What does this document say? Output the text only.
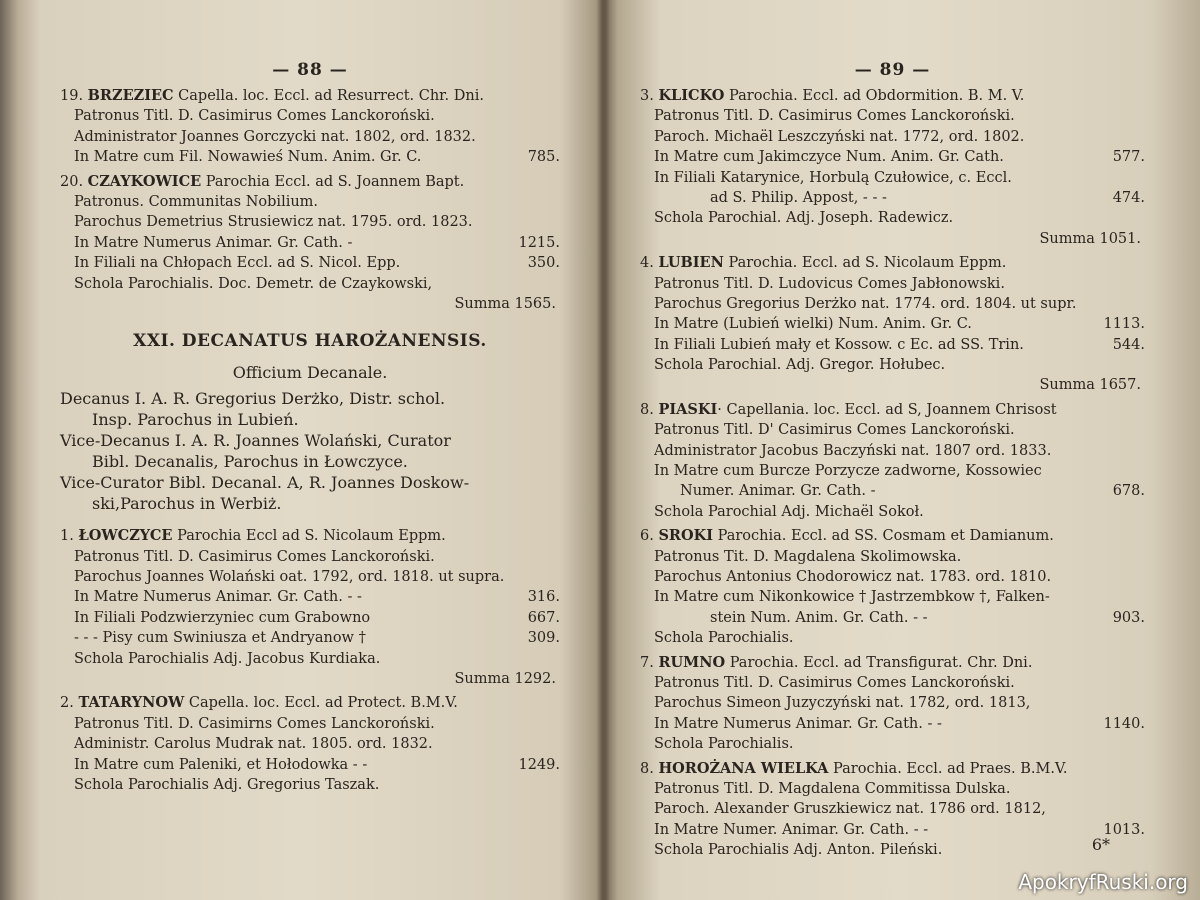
— 88 —
19. BRZEZIEC Capella. loc. Eccl. ad Resurrect. Chr. Dni.
Patronus Titl. D. Casimirus Comes Lanckoroński.
Administrator Joannes Gorczycki nat. 1802, ord. 1832.
In Matre cum Fil. Nowawieś Num. Anim. Gr. C.	785.
20. CZAYKOWICE Parochia Eccl. ad S. Joannem Bapt.
Patronus. Communitas Nobilium.
Parochus Demetrius Strusiewicz nat. 1795. ord. 1823.
In Matre Numerus Animar. Gr. Cath. -	1215.
In Filiali na Chłopach Eccl. ad S. Nicol. Epp.	350.
Schola Parochialis. Doc. Demetr. de Czaykowski,
Summa 1565.
XXI. DECANATUS HAROŻANENSIS.
Officium Decanale.
Decanus I. A. R. Gregorius Derżko, Distr. schol.
Insp. Parochus in Lubień.
Vice-Decanus I. A. R. Joannes Wolański, Curator
Bibl. Decanalis, Parochus in Łowczyce.
Vice-Curator Bibl. Decanal. A, R. Joannes Doskow-
ski,Parochus in Werbiż.
1. ŁOWCZYCE Parochia Eccl ad S. Nicolaum Eppm.
Patronus Titl. D. Casimirus Comes Lanckoroński.
Parochus Joannes Wolański oat. 1792, ord. 1818. ut supra.
In Matre Numerus Animar. Gr. Cath. - -	316.
In Filiali Podzwierzyniec cum Grabowno	667.
- - - Pisy cum Swiniusza et Andryanow †	309.
Schola Parochialis Adj. Jacobus Kurdiaka.
Summa 1292.
2. TATARYNOW Capella. loc. Eccl. ad Protect. B.M.V.
Patronus Titl. D. Casimirns Comes Lanckoroński.
Administr. Carolus Mudrak nat. 1805. ord. 1832.
In Matre cum Paleniki, et Hołodowka - -	1249.
Schola Parochialis Adj. Gregorius Taszak.
— 89 —
3. KLICKO Parochia. Eccl. ad Obdormition. B. M. V.
Patronus Titl. D. Casimirus Comes Lanckoroński.
Paroch. Michaël Leszczyński nat. 1772, ord. 1802.
In Matre cum Jakimczyce Num. Anim. Gr. Cath.	577.
In Filiali Katarynice, Horbulą Czułowice, c. Eccl.
ad S. Philip. Appost, - - -	474.
Schola Parochial. Adj. Joseph. Radewicz.
Summa 1051.
4. LUBIEN Parochia. Eccl. ad S. Nicolaum Eppm.
Patronus Titl. D. Ludovicus Comes Jabłonowski.
Parochus Gregorius Derżko nat. 1774. ord. 1804. ut supr.
In Matre (Lubień wielki) Num. Anim. Gr. C.	1113.
In Filiali Lubień mały et Kossow. c Ec. ad SS. Trin.	544.
Schola Parochial. Adj. Gregor. Hołubec.
Summa 1657.
8. PIASKI· Capellania. loc. Eccl. ad S, Joannem Chrisost
Patronus Titl. D' Casimirus Comes Lanckoroński.
Administrator Jacobus Baczyński nat. 1807 ord. 1833.
In Matre cum Burcze Porzycze zadworne, Kossowiec
Numer. Animar. Gr. Cath. -	678.
Schola Parochial Adj. Michaël Sokoł.
6. SROKI Parochia. Eccl. ad SS. Cosmam et Damianum.
Patronus Tit. D. Magdalena Skolimowska.
Parochus Antonius Chodorowicz nat. 1783. ord. 1810.
In Matre cum Nikonkowice † Jastrzembkow †, Falken-
stein Num. Anim. Gr. Cath. - -	903.
Schola Parochialis.
7. RUMNO Parochia. Eccl. ad Transfigurat. Chr. Dni.
Patronus Titl. D. Casimirus Comes Lanckoroński.
Parochus Simeon Juzyczyński nat. 1782, ord. 1813,
In Matre Numerus Animar. Gr. Cath. - -	1140.
Schola Parochialis.
8. HOROŻANA WIELKA Parochia. Eccl. ad Praes. B.M.V.
Patronus Titl. D. Magdalena Commitissa Dulska.
Paroch. Alexander Gruszkiewicz nat. 1786 ord. 1812,
In Matre Numer. Animar. Gr. Cath. - -	1013.
Schola Parochialis Adj. Anton. Pileński.	6*
ApokryfRuski.org
